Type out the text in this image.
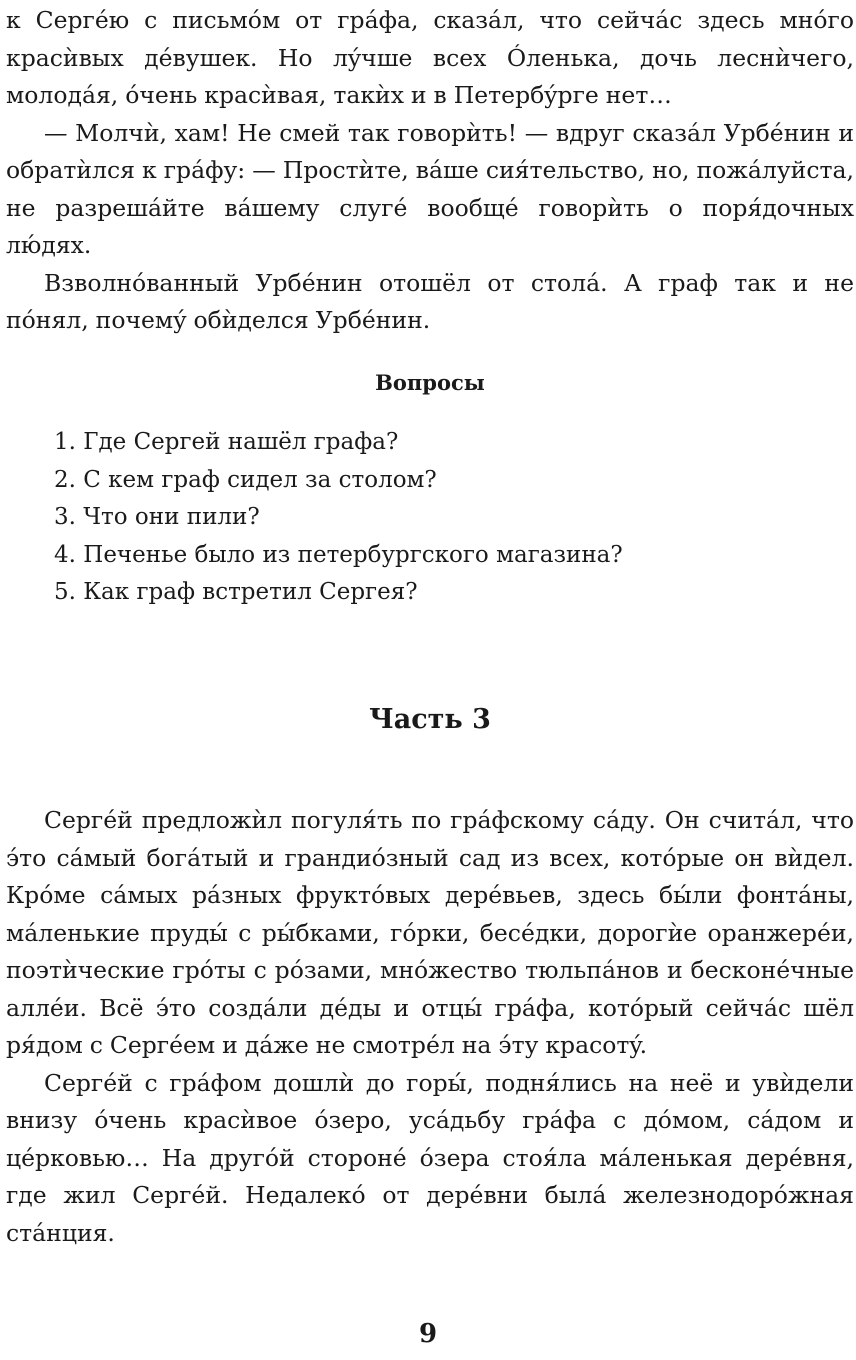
к Сергéю с письмóм от грáфа, сказáл, что сейчáс здесь мнóго красѝвых дéвушек. Но лýчше всех Óленька, дочь леснѝчего, молодáя, óчень красѝвая, такѝх и в Петербýрге нет…

— Молчѝ, хам! Не смей так говорѝть! — вдруг сказáл Урбéнин и обратѝлся к грáфу: — Простѝте, вáше сия́тельство, но, пожáлуйста, не разрешáйте вáшему слугé вообщé говорѝть о поря́дочных лю́дях.

Взволнóванный Урбéнин отошёл от столá. А граф так и не пóнял, почемý обѝделся Урбéнин.

Вопросы
1. Где Сергей нашёл графа?
2. С кем граф сидел за столом?
3. Что они пили?
4. Печенье было из петербургского магазина?
5. Как граф встретил Сергея?
Часть 3

Сергéй предложѝл погуля́ть по грáфскому сáду. Он считáл, что э́то сáмый богáтый и грандиóзный сад из всех, котóрые он вѝдел. Крóме сáмых рáзных фруктóвых дерéвьев, здесь бы́ли фонтáны, мáленькие пруды́ с ры́бками, гóрки, бесéдки, дорогѝе оранжерéи, поэтѝческие грóты с рóзами, мнóжество тюльпáнов и бесконéчные аллéи. Всё э́то создáли дéды и отцы́ грáфа, котóрый сейчáс шёл ря́дом с Сергéем и дáже не смотрéл на э́ту красотý.

Сергéй с грáфом дошлѝ до горы́, подня́лись на неё и увѝдели внизу óчень красѝвое óзеро, усáдьбу грáфа с дóмом, сáдом и цéрковью… На другóй сторонé óзера стоя́ла мáленькая дерéвня, где жил Сергéй. Недалекó от дерéвни былá железнодорóжная стáнция.

9
